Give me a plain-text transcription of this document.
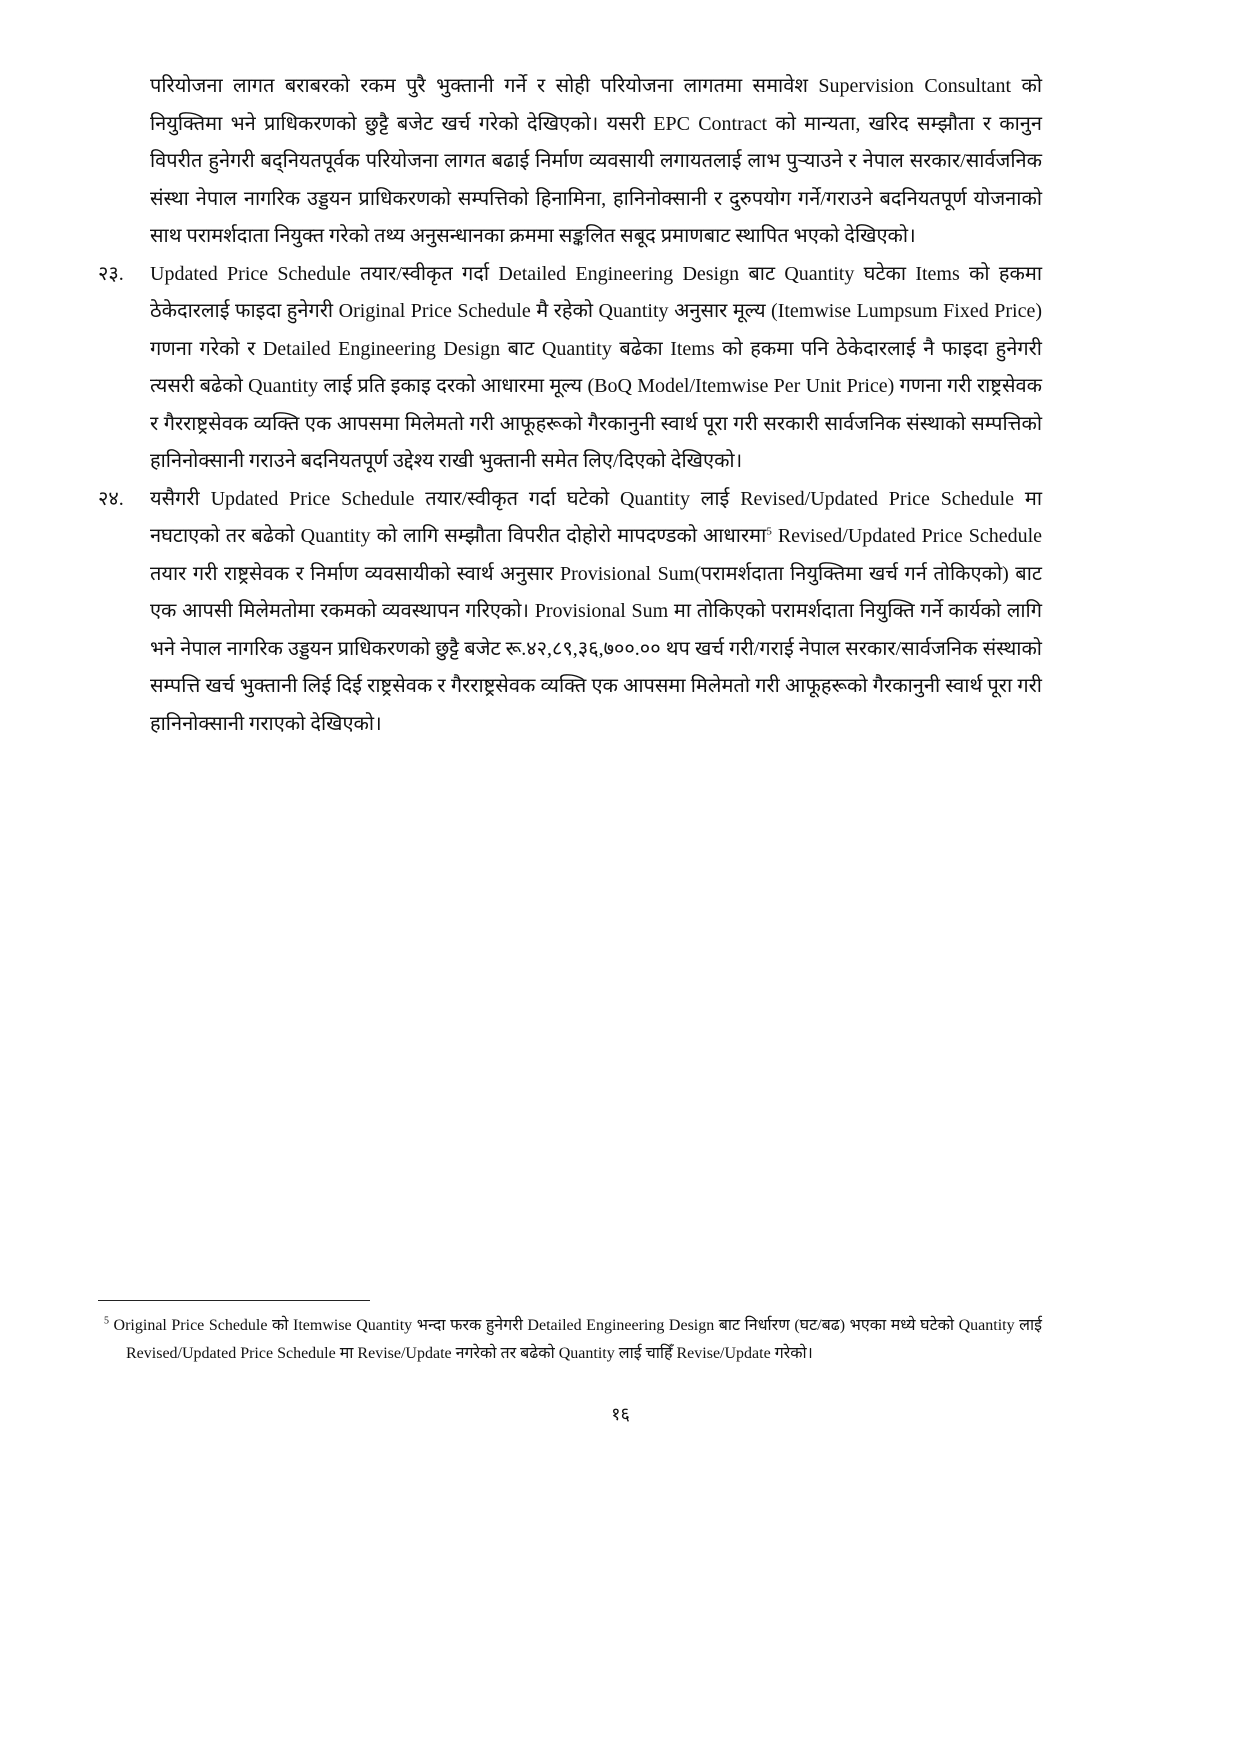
परियोजना लागत बराबरको रकम पुरै भुक्तानी गर्ने र सोही परियोजना लागतमा समावेश Supervision Consultant को नियुक्तिमा भने प्राधिकरणको छुट्टै बजेट खर्च गरेको देखिएको। यसरी EPC Contract को मान्यता, खरिद सम्झौता र कानुन विपरीत हुनेगरी बद्नियतपूर्वक परियोजना लागत बढाई निर्माण व्यवसायी लगायतलाई लाभ पुऱ्याउने र नेपाल सरकार/सार्वजनिक संस्था नेपाल नागरिक उड्डयन प्राधिकरणको सम्पत्तिको हिनामिना, हानिनोक्सानी र दुरुपयोग गर्ने/गराउने बदनियतपूर्ण योजनाको साथ परामर्शदाता नियुक्त गरेको तथ्य अनुसन्धानका क्रममा सङ्कलित सबूद प्रमाणबाट स्थापित भएको देखिएको।

२३.	Updated Price Schedule तयार/स्वीकृत गर्दा Detailed Engineering Design बाट Quantity घटेका Items को हकमा ठेकेदारलाई फाइदा हुनेगरी Original Price Schedule मै रहेको Quantity अनुसार मूल्य (Itemwise Lumpsum Fixed Price) गणना गरेको र Detailed Engineering Design बाट Quantity बढेका Items को हकमा पनि ठेकेदारलाई नै फाइदा हुनेगरी त्यसरी बढेको Quantity लाई प्रति इकाइ दरको आधारमा मूल्य (BoQ Model/Itemwise Per Unit Price) गणना गरी राष्ट्रसेवक र गैरराष्ट्रसेवक व्यक्ति एक आपसमा मिलेमतो गरी आफूहरूको गैरकानुनी स्वार्थ पूरा गरी सरकारी सार्वजनिक संस्थाको सम्पत्तिको हानिनोक्सानी गराउने बदनियतपूर्ण उद्देश्य राखी भुक्तानी समेत लिए/दिएको देखिएको।

२४.	यसैगरी Updated Price Schedule तयार/स्वीकृत गर्दा घटेको Quantity लाई Revised/Updated Price Schedule मा नघटाएको तर बढेको Quantity को लागि सम्झौता विपरीत दोहोरो मापदण्डको आधारमा$^5$ Revised/Updated Price Schedule तयार गरी राष्ट्रसेवक र निर्माण व्यवसायीको स्वार्थ अनुसार Provisional Sum(परामर्शदाता नियुक्तिमा खर्च गर्न तोकिएको) बाट एक आपसी मिलेमतोमा रकमको व्यवस्थापन गरिएको। Provisional Sum मा तोकिएको परामर्शदाता नियुक्ति गर्ने कार्यको लागि भने नेपाल नागरिक उड्डयन प्राधिकरणको छुट्टै बजेट रू.४२,८९,३६,७००.०० थप खर्च गरी/गराई नेपाल सरकार/सार्वजनिक संस्थाको सम्पत्ति खर्च भुक्तानी लिई दिई राष्ट्रसेवक र गैरराष्ट्रसेवक व्यक्ति एक आपसमा मिलेमतो गरी आफूहरूको गैरकानुनी स्वार्थ पूरा गरी हानिनोक्सानी गराएको देखिएको।

$^5$ Original Price Schedule को Itemwise Quantity भन्दा फरक हुनेगरी Detailed Engineering Design बाट निर्धारण (घट/बढ) भएका मध्ये घटेको Quantity लाई Revised/Updated Price Schedule मा Revise/Update नगरेको तर बढेको Quantity लाई चाहिँ Revise/Update गरेको।

१६
